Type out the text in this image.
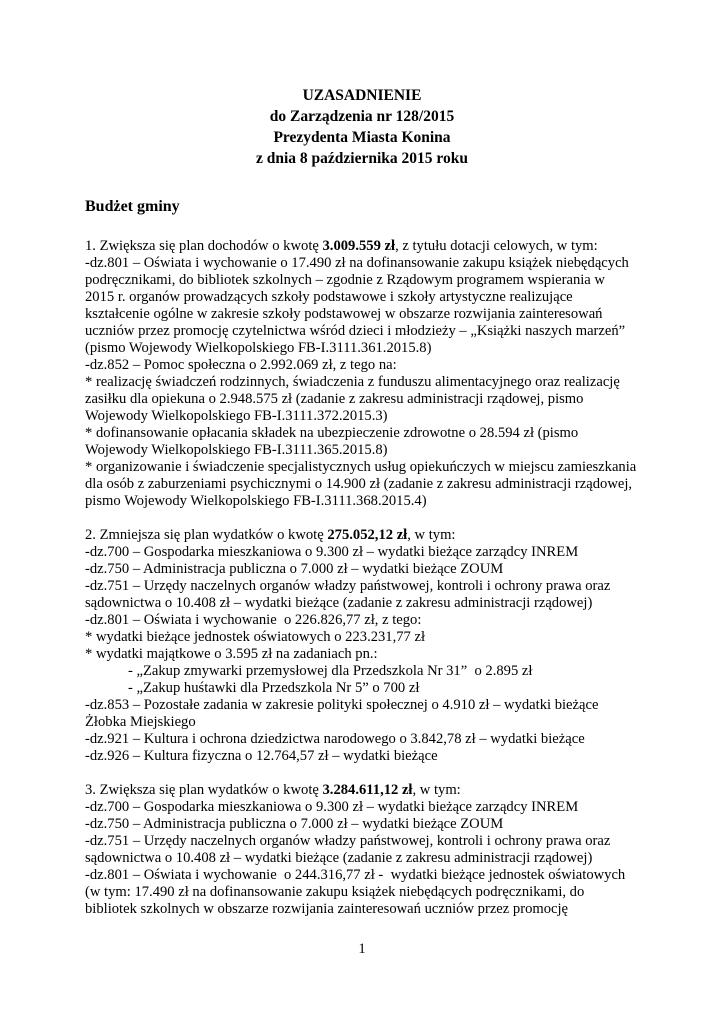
UZASADNIENIE
do Zarządzenia nr 128/2015
Prezydenta Miasta Konina
z dnia 8 października 2015 roku
Budżet gminy
1. Zwiększa się plan dochodów o kwotę 3.009.559 zł, z tytułu dotacji celowych, w tym:
-dz.801 – Oświata i wychowanie o 17.490 zł na dofinansowanie zakupu książek niebędących
podręcznikami, do bibliotek szkolnych – zgodnie z Rządowym programem wspierania w
2015 r. organów prowadzących szkoły podstawowe i szkoły artystyczne realizujące
kształcenie ogólne w zakresie szkoły podstawowej w obszarze rozwijania zainteresowań
uczniów przez promocję czytelnictwa wśród dzieci i młodzieży – „Książki naszych marzeń”
(pismo Wojewody Wielkopolskiego FB-I.3111.361.2015.8)
-dz.852 – Pomoc społeczna o 2.992.069 zł, z tego na:
* realizację świadczeń rodzinnych, świadczenia z funduszu alimentacyjnego oraz realizację
zasiłku dla opiekuna o 2.948.575 zł (zadanie z zakresu administracji rządowej, pismo
Wojewody Wielkopolskiego FB-I.3111.372.2015.3)
* dofinansowanie opłacania składek na ubezpieczenie zdrowotne o 28.594 zł (pismo
Wojewody Wielkopolskiego FB-I.3111.365.2015.8)
* organizowanie i świadczenie specjalistycznych usług opiekuńczych w miejscu zamieszkania
dla osób z zaburzeniami psychicznymi o 14.900 zł (zadanie z zakresu administracji rządowej,
pismo Wojewody Wielkopolskiego FB-I.3111.368.2015.4)
2. Zmniejsza się plan wydatków o kwotę 275.052,12 zł, w tym:
-dz.700 – Gospodarka mieszkaniowa o 9.300 zł – wydatki bieżące zarządcy INREM
-dz.750 – Administracja publiczna o 7.000 zł – wydatki bieżące ZOUM
-dz.751 – Urzędy naczelnych organów władzy państwowej, kontroli i ochrony prawa oraz
sądownictwa o 10.408 zł – wydatki bieżące (zadanie z zakresu administracji rządowej)
-dz.801 – Oświata i wychowanie  o 226.826,77 zł, z tego:
* wydatki bieżące jednostek oświatowych o 223.231,77 zł
* wydatki majątkowe o 3.595 zł na zadaniach pn.:
- „Zakup zmywarki przemysłowej dla Przedszkola Nr 31”  o 2.895 zł
- „Zakup huśtawki dla Przedszkola Nr 5” o 700 zł
-dz.853 – Pozostałe zadania w zakresie polityki społecznej o 4.910 zł – wydatki bieżące
Żłobka Miejskiego
-dz.921 – Kultura i ochrona dziedzictwa narodowego o 3.842,78 zł – wydatki bieżące
-dz.926 – Kultura fizyczna o 12.764,57 zł – wydatki bieżące
3. Zwiększa się plan wydatków o kwotę 3.284.611,12 zł, w tym:
-dz.700 – Gospodarka mieszkaniowa o 9.300 zł – wydatki bieżące zarządcy INREM
-dz.750 – Administracja publiczna o 7.000 zł – wydatki bieżące ZOUM
-dz.751 – Urzędy naczelnych organów władzy państwowej, kontroli i ochrony prawa oraz
sądownictwa o 10.408 zł – wydatki bieżące (zadanie z zakresu administracji rządowej)
-dz.801 – Oświata i wychowanie  o 244.316,77 zł -  wydatki bieżące jednostek oświatowych
(w tym: 17.490 zł na dofinansowanie zakupu książek niebędących podręcznikami, do
bibliotek szkolnych w obszarze rozwijania zainteresowań uczniów przez promocję
1
